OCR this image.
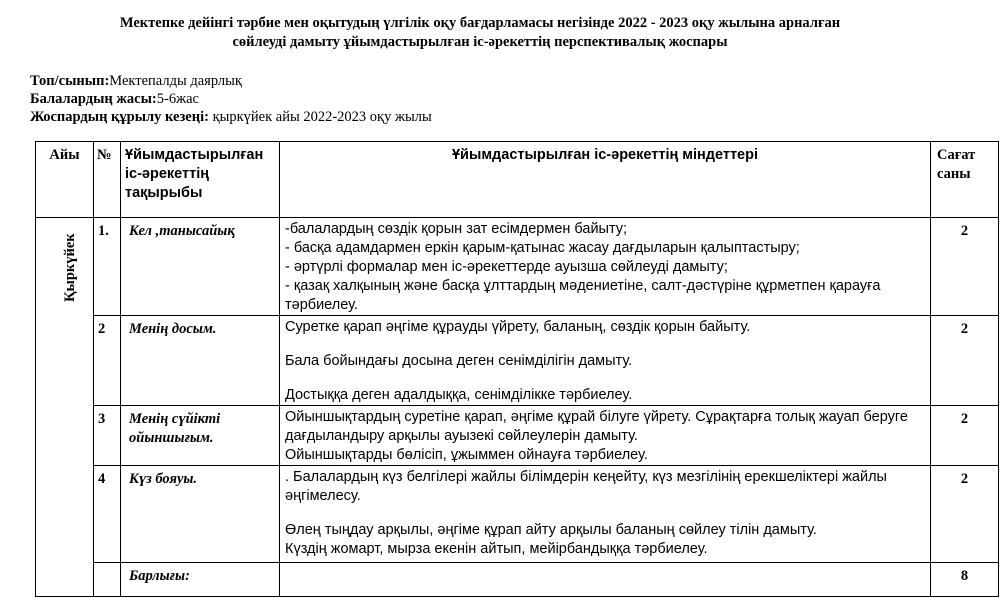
Мектепке дейінгі тәрбие мен оқытудың үлгілік оқу бағдарламасы негізінде 2022 - 2023 оқу жылына арналған
сөйлеуді дамыту ұйымдастырылған іс-әрекеттің перспективалық жоспары
Топ/сынып:Мектепалды даярлық
Балалардың жасы:5-6жас
Жоспардың құрылу кезеңі: қыркүйек айы 2022-2023 оқу жылы
Айы	№	Ұйымдастырылған іс-әрекеттің тақырыбы	Ұйымдастырылған іс-әрекеттің міндеттері	Сағат саны

Қыркүйек	1.	Кел ,танысайық	-балалардың сөздік қорын зат есімдермен байыту;

- басқа адамдармен еркін қарым-қатынас жасау дағдыларын қалыптастыру;

- әртүрлі формалар мен іс-әрекеттерде ауызша сөйлеуді дамыту;

- қазақ халқының және басқа ұлттардың мәдениетіне, салт-дәстүріне құрметпен қарауға тәрбиелеу.	2
	2	Менің досым.	Суретке қарап әңгіме құрауды үйрету, баланың, сөздік қорын байыту.

Бала бойындағы досына деген сенімділігін дамыту.

Достыққа деген адалдыққа, сенімділікке тәрбиелеу.	2
	3	Менің сүйікті ойыншығым.	Ойыншықтардың суретіне қарап, әңгіме құрай білуге үйрету. Сұрақтарға толық жауап беруге дағдыландыру арқылы ауызекі сөйлеулерін дамыту.

Ойыншықтарды бөлісіп, ұжыммен ойнауға тәрбиелеу.	2
	4	Күз бояуы.	. Балалардың күз белгілері жайлы білімдерін кеңейту, күз мезгілінің ерекшеліктері жайлы әңгімелесу.

Өлең тыңдау арқылы, әңгіме құрап айту арқылы баланың сөйлеу тілін дамыту.

Күздің жомарт, мырза екенін айтып, мейірбандыққа тәрбиелеу.	2
		Барлығы:		8
